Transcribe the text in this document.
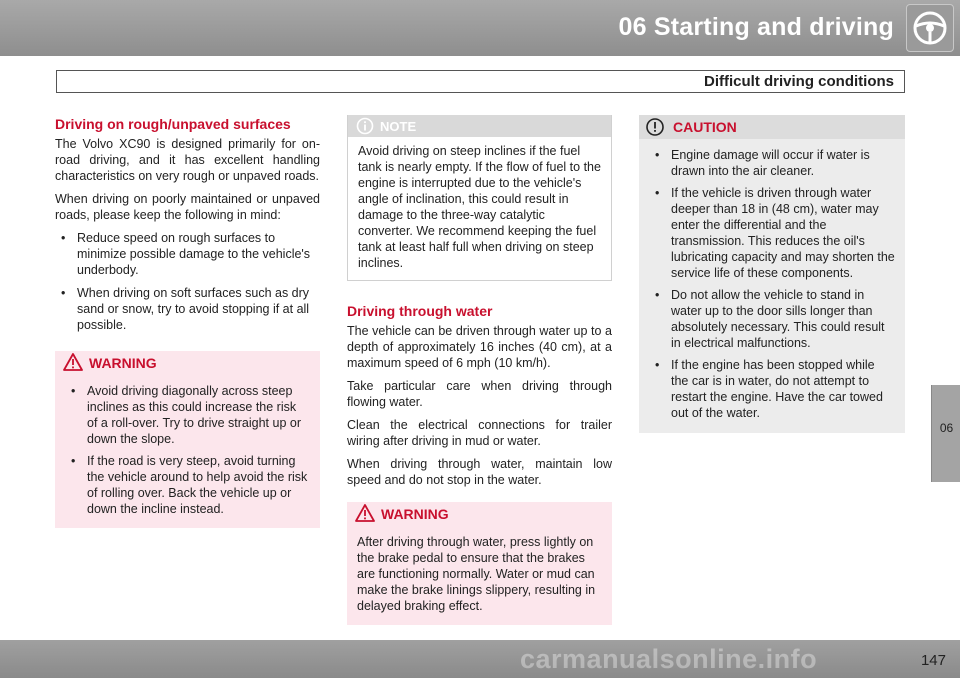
06 Starting and driving
Difficult driving conditions
Driving on rough/unpaved surfaces

The Volvo XC90 is designed primarily for on-road driving, and it has excellent handling characteristics on very rough or unpaved roads.

When driving on poorly maintained or unpaved roads, please keep the following in mind:

• Reduce speed on rough surfaces to minimize possible damage to the vehicle's underbody.
• When driving on soft surfaces such as dry sand or snow, try to avoid stopping if at all possible.
WARNING
• Avoid driving diagonally across steep inclines as this could increase the risk of a roll-over. Try to drive straight up or down the slope.
• If the road is very steep, avoid turning the vehicle around to help avoid the risk of rolling over. Back the vehicle up or down the incline instead.
NOTE

Avoid driving on steep inclines if the fuel tank is nearly empty. If the flow of fuel to the engine is interrupted due to the vehicle's angle of inclination, this could result in damage to the three-way catalytic converter. We recommend keeping the fuel tank at least half full when driving on steep inclines.

Driving through water

The vehicle can be driven through water up to a depth of approximately 16 inches (40 cm), at a maximum speed of 6 mph (10 km/h).

Take particular care when driving through flowing water.

Clean the electrical connections for trailer wiring after driving in mud or water.

When driving through water, maintain low speed and do not stop in the water.

WARNING

After driving through water, press lightly on the brake pedal to ensure that the brakes are functioning normally. Water or mud can make the brake linings slippery, resulting in delayed braking effect.

CAUTION
• Engine damage will occur if water is drawn into the air cleaner.
• If the vehicle is driven through water deeper than 18 in (48 cm), water may enter the differential and the transmission. This reduces the oil's lubricating capacity and may shorten the service life of these components.
• Do not allow the vehicle to stand in water up to the door sills longer than absolutely necessary. This could result in electrical malfunctions.
• If the engine has been stopped while the car is in water, do not attempt to restart the engine. Have the car towed out of the water.
06
147
carmanualsonline.info
